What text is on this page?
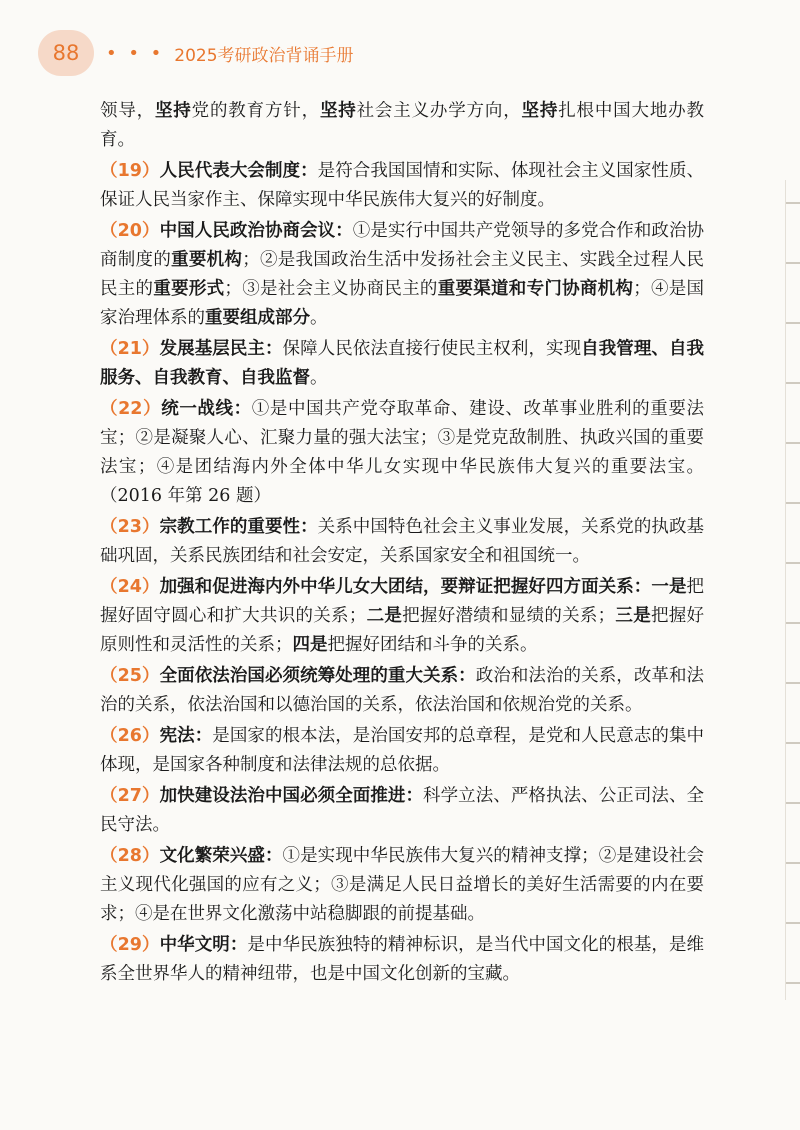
88	• • • 2025考研政治背诵手册

领导，坚持党的教育方针，坚持社会主义办学方向，坚持扎根中国大地办教育。

（19）人民代表大会制度：是符合我国国情和实际、体现社会主义国家性质、保证人民当家作主、保障实现中华民族伟大复兴的好制度。

（20）中国人民政治协商会议：①是实行中国共产党领导的多党合作和政治协商制度的重要机构；②是我国政治生活中发扬社会主义民主、实践全过程人民民主的重要形式；③是社会主义协商民主的重要渠道和专门协商机构；④是国家治理体系的重要组成部分。

（21）发展基层民主：保障人民依法直接行使民主权利，实现自我管理、自我服务、自我教育、自我监督。

（22）统一战线：①是中国共产党夺取革命、建设、改革事业胜利的重要法宝；②是凝聚人心、汇聚力量的强大法宝；③是党克敌制胜、执政兴国的重要法宝；④是团结海内外全体中华儿女实现中华民族伟大复兴的重要法宝。（2016 年第 26 题）

（23）宗教工作的重要性：关系中国特色社会主义事业发展，关系党的执政基础巩固，关系民族团结和社会安定，关系国家安全和祖国统一。

（24）加强和促进海内外中华儿女大团结，要辩证把握好四方面关系：一是把握好固守圆心和扩大共识的关系；二是把握好潜绩和显绩的关系；三是把握好原则性和灵活性的关系；四是把握好团结和斗争的关系。

（25）全面依法治国必须统筹处理的重大关系：政治和法治的关系，改革和法治的关系，依法治国和以德治国的关系，依法治国和依规治党的关系。

（26）宪法：是国家的根本法，是治国安邦的总章程，是党和人民意志的集中体现，是国家各种制度和法律法规的总依据。

（27）加快建设法治中国必须全面推进：科学立法、严格执法、公正司法、全民守法。

（28）文化繁荣兴盛：①是实现中华民族伟大复兴的精神支撑；②是建设社会主义现代化强国的应有之义；③是满足人民日益增长的美好生活需要的内在要求；④是在世界文化激荡中站稳脚跟的前提基础。

（29）中华文明：是中华民族独特的精神标识，是当代中国文化的根基，是维系全世界华人的精神纽带，也是中国文化创新的宝藏。
